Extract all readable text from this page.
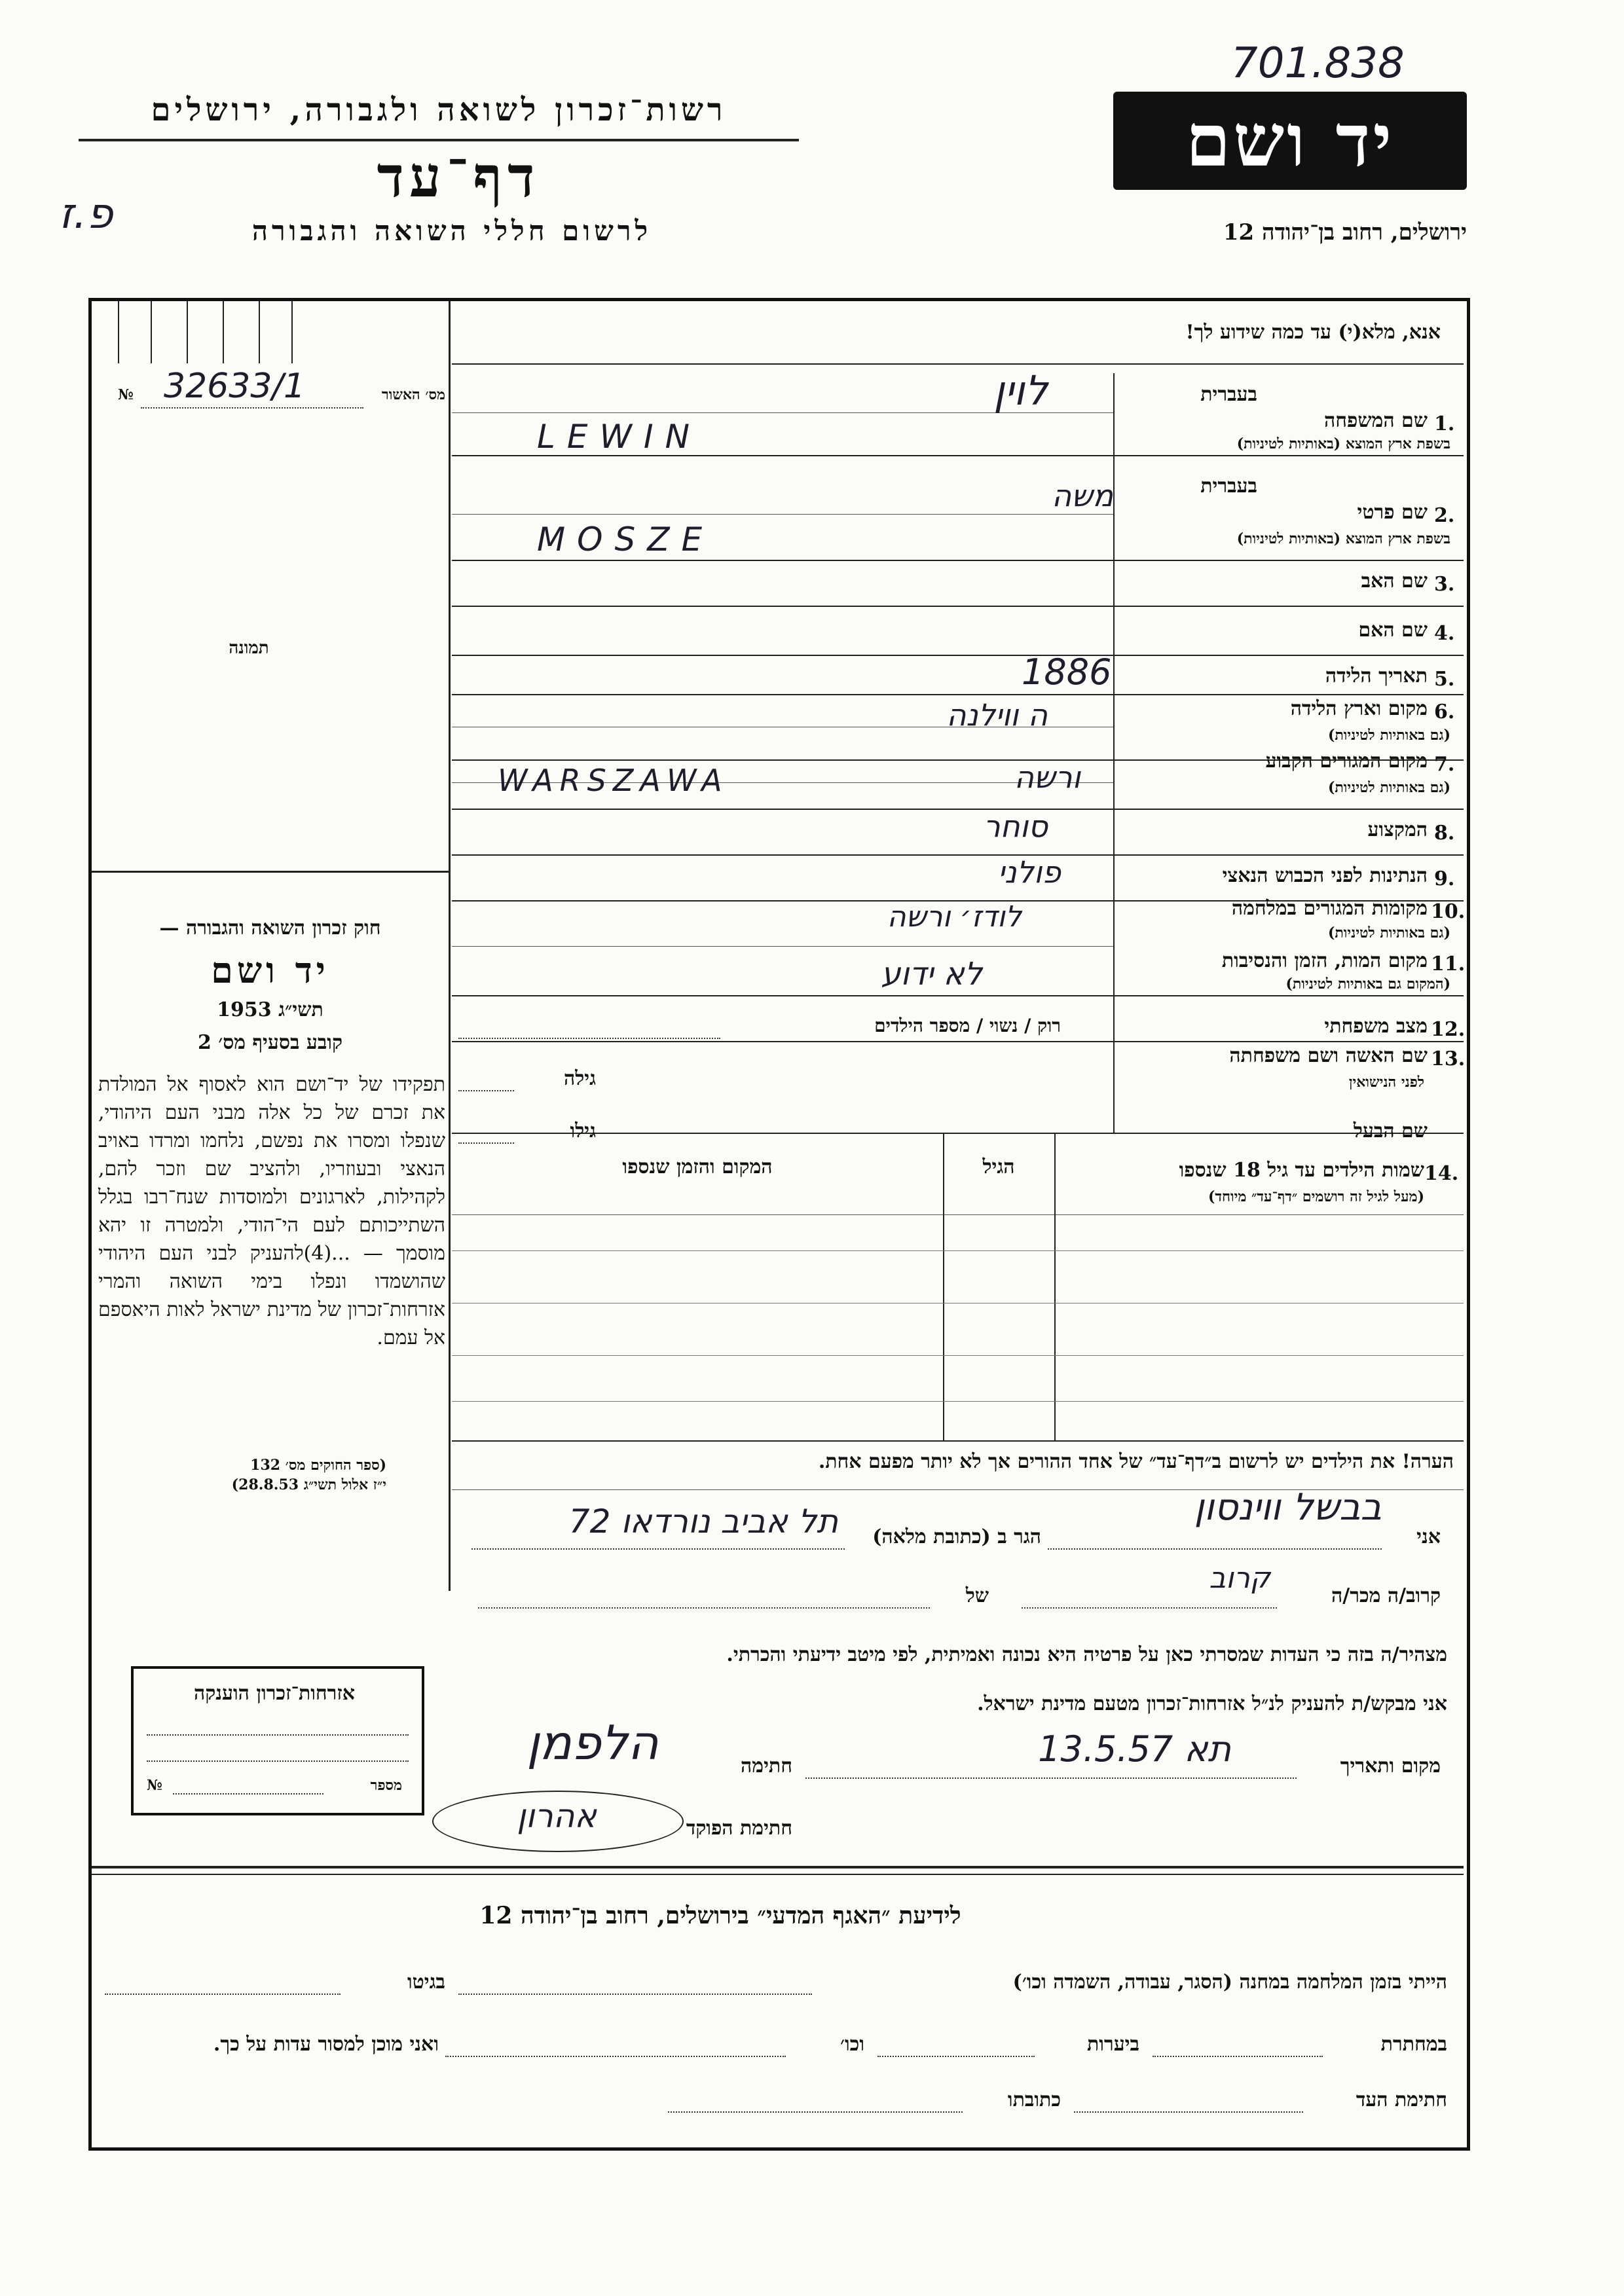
701.838
רשות־זכרון לשואה ולגבורה, ירושלים
דף־עד
פ.ז	לרשום חללי השואה והגבורה
יד ושם
ירושלים, רחוב בן־יהודה 12
אנא, מלא(י) עד כמה שידוע לך!
מס׳ האשור
№ 32633/1
תמונה
1.
שם המשפחה
בשפת ארץ המוצא (באותיות לטיניות)
בעברית
לוין
LEWIN
2.
שם פרטי
בשפת ארץ המוצא (באותיות לטיניות)
בעברית
משה
MOSZE
3.
שם האב
4.
שם האם
5.
תאריך הלידה
1886
6.
מקום וארץ הלידה
(גם באותיות לטיניות)
ה ווילנה
7.
מקום המגורים הקבוע
(גם באותיות לטיניות)
ורשה
WARSZAWA
8.
המקצוע
סוחר
9.
הנתינות לפני הכבוש הנאצי
פולני
10.
מקומות המגורים במלחמה
(גם באותיות לטיניות)
לודז׳ ורשה
11.
מקום המות, הזמן והנסיבות
(המקום גם באותיות לטיניות)
לא ידוע
12.
מצב משפחתי
רוק / נשוי / מספר הילדים
13.
שם האשה ושם משפחתה
לפני הנישואין
גילה
שם הבעל
גילו
14.
שמות הילדים עד גיל 18 שנספו
(מעל לגיל זה רושמים ״דף־עד״ מיוחד)
הגיל
המקום והזמן שנספו
חוק זכרון השואה והגבורה —
יד ושם
תשי״ג 1953
קובע בסעיף מס׳ 2
תפקידו של יד־ושם הוא לאסוף אל המולדת את זכרם של כל אלה מבני העם היהודי, שנפלו ומסרו את נפשם, נלחמו ומרדו באויב הנאצי ובעוזריו, ולהציב שם וזכר להם, לקהילות, לארגונים ולמוסדות שנח־רבו בגלל השתייכותם לעם הי־הודי, ולמטרה זו יהא מוסמך — ...(4)להעניק לבני העם היהודי שהושמדו ונפלו בימי השואה והמרי אזרחות־זכרון של מדינת ישראל לאות היאספם אל עמם.
(ספר החוקים מס׳ 132
י״ז אלול תשי״ג 28.8.53)
הערה! את הילדים יש לרשום ב״דף־עד״ של אחד ההורים אך לא יותר מפעם אחת.
אני
בבשל ווינסון
הגר ב (כתובת מלאה)
תל אביב נורדאו 72
קרוב/ה מכר/ה
קרוב
של
מצהיר/ה בזה כי העדות שמסרתי כאן על פרטיה היא נכונה ואמיתית, לפי מיטב ידיעתי והכרתי.
אני מבקש/ת להעניק לנ״ל אזרחות־זכרון מטעם מדינת ישראל.
מקום ותאריך
תא 13.5.57
חתימה
הלפמן
חתימת הפוקד
אהרון
אזרחות־זכרון הוענקה
מספר
№
לידיעת ״האגף המדעי״ בירושלים, רחוב בן־יהודה 12
הייתי בזמן המלחמה במחנה (הסגר, עבודה, השמדה וכו׳)
בגיטו
במחתרת
ביערות
וכו׳
ואני מוכן למסור עדות על כך.
חתימת העד
כתובתו
